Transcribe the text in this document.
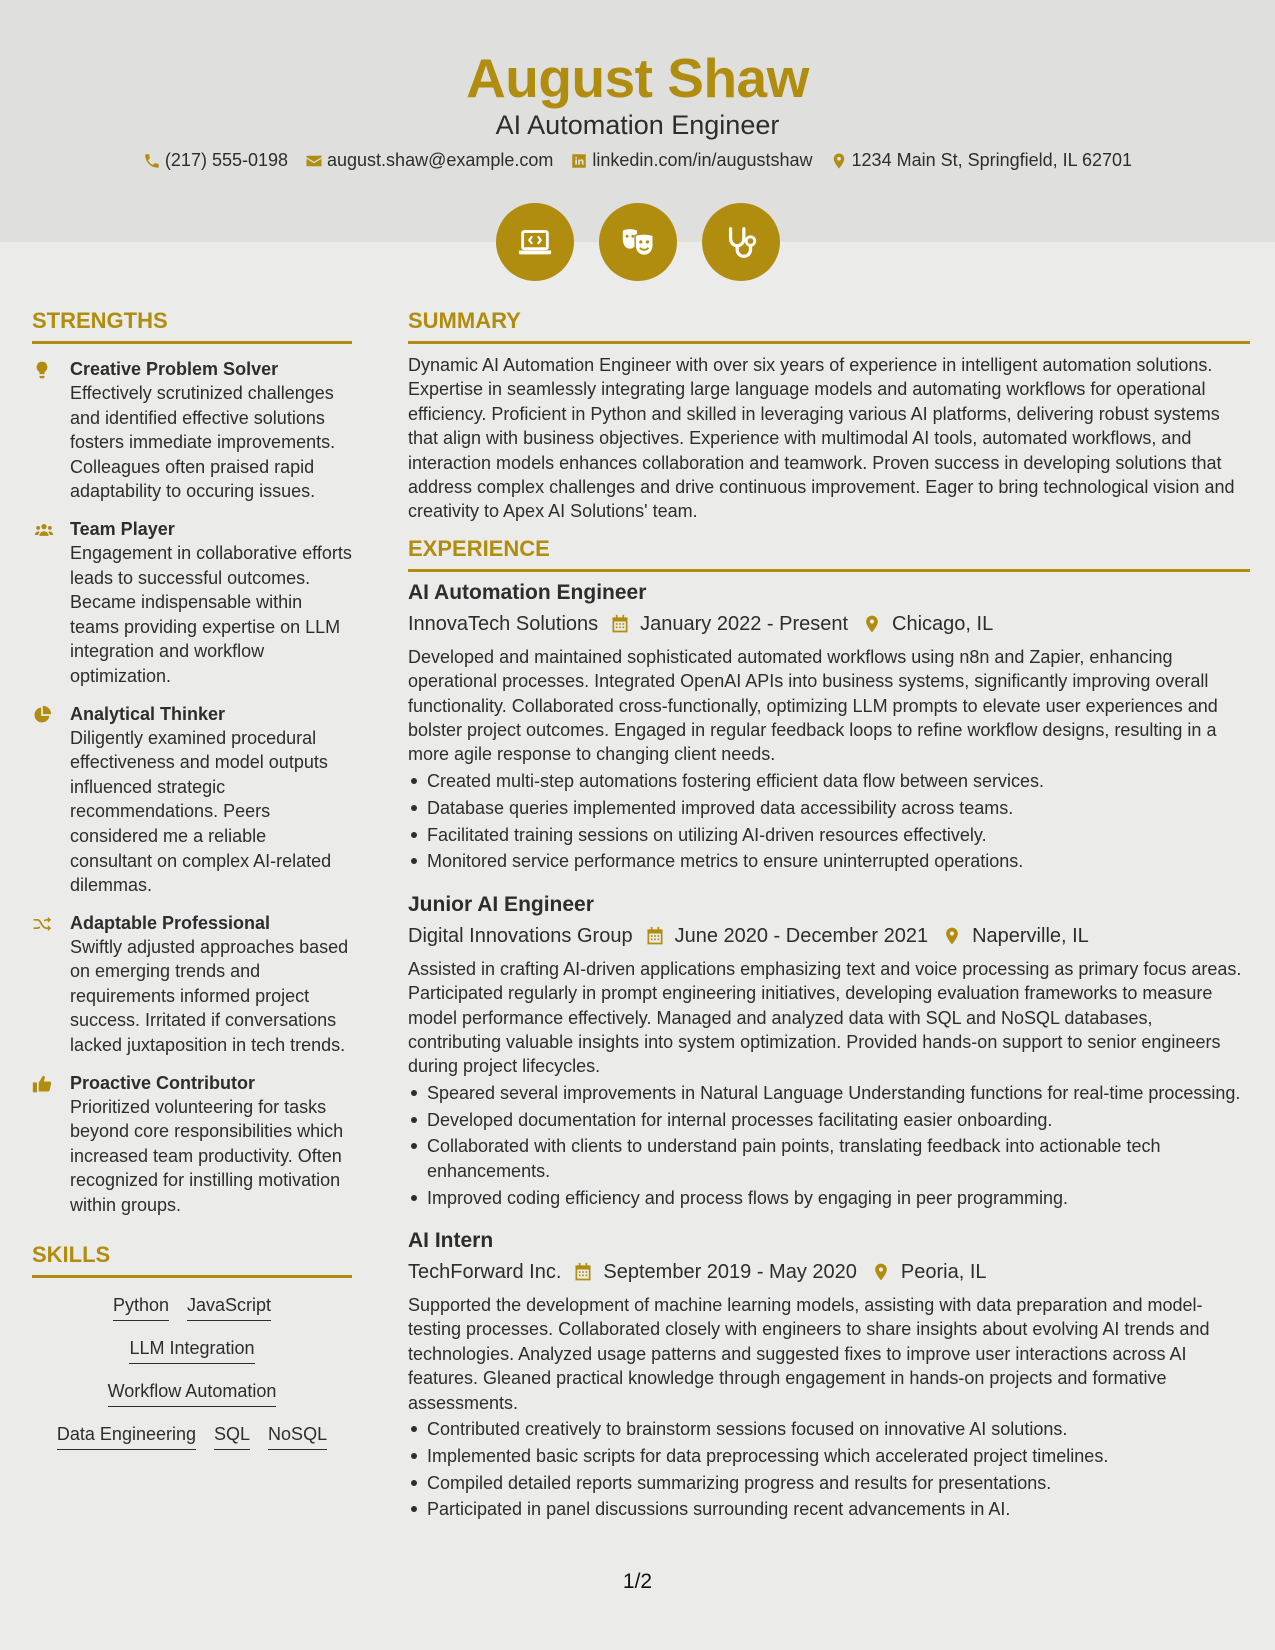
August Shaw
AI Automation Engineer
(217) 555-0198 august.shaw@example.com linkedin.com/in/augustshaw 1234 Main St, Springfield, IL 62701
STRENGTHS
Creative Problem Solver
Effectively scrutinized challenges and identified effective solutions fosters immediate improvements. Colleagues often praised rapid adaptability to occuring issues.
Team Player
Engagement in collaborative efforts leads to successful outcomes. Became indispensable within teams providing expertise on LLM integration and workflow optimization.
Analytical Thinker
Diligently examined procedural effectiveness and model outputs influenced strategic recommendations. Peers considered me a reliable consultant on complex AI-related dilemmas.
Adaptable Professional
Swiftly adjusted approaches based on emerging trends and requirements informed project success. Irritated if conversations lacked juxtaposition in tech trends.
Proactive Contributor
Prioritized volunteering for tasks beyond core responsibilities which increased team productivity. Often recognized for instilling motivation within groups.
SKILLS
Python JavaScript
LLM Integration
Workflow Automation
Data Engineering SQL NoSQL
SUMMARY

Dynamic AI Automation Engineer with over six years of experience in intelligent automation solutions. Expertise in seamlessly integrating large language models and automating workflows for operational efficiency. Proficient in Python and skilled in leveraging various AI platforms, delivering robust systems that align with business objectives. Experience with multimodal AI tools, automated workflows, and interaction models enhances collaboration and teamwork. Proven success in developing solutions that address complex challenges and drive continuous improvement. Eager to bring technological vision and creativity to Apex AI Solutions' team.

EXPERIENCE
AI Automation Engineer
InnovaTech Solutions January 2022 - Present Chicago, IL

Developed and maintained sophisticated automated workflows using n8n and Zapier, enhancing operational processes. Integrated OpenAI APIs into business systems, significantly improving overall functionality. Collaborated cross-functionally, optimizing LLM prompts to elevate user experiences and bolster project outcomes. Engaged in regular feedback loops to refine workflow designs, resulting in a more agile response to changing client needs.

Created multi-step automations fostering efficient data flow between services.
Database queries implemented improved data accessibility across teams.
Facilitated training sessions on utilizing AI-driven resources effectively.
Monitored service performance metrics to ensure uninterrupted operations.
Junior AI Engineer
Digital Innovations Group June 2020 - December 2021 Naperville, IL

Assisted in crafting AI-driven applications emphasizing text and voice processing as primary focus areas. Participated regularly in prompt engineering initiatives, developing evaluation frameworks to measure model performance effectively. Managed and analyzed data with SQL and NoSQL databases, contributing valuable insights into system optimization. Provided hands-on support to senior engineers during project lifecycles.

Speared several improvements in Natural Language Understanding functions for real-time processing.
Developed documentation for internal processes facilitating easier onboarding.
Collaborated with clients to understand pain points, translating feedback into actionable tech enhancements.
Improved coding efficiency and process flows by engaging in peer programming.
AI Intern
TechForward Inc. September 2019 - May 2020 Peoria, IL

Supported the development of machine learning models, assisting with data preparation and model-testing processes. Collaborated closely with engineers to share insights about evolving AI trends and technologies. Analyzed usage patterns and suggested fixes to improve user interactions across AI features. Gleaned practical knowledge through engagement in hands-on projects and formative assessments.

Contributed creatively to brainstorm sessions focused on innovative AI solutions.
Implemented basic scripts for data preprocessing which accelerated project timelines.
Compiled detailed reports summarizing progress and results for presentations.
Participated in panel discussions surrounding recent advancements in AI.
1/2
